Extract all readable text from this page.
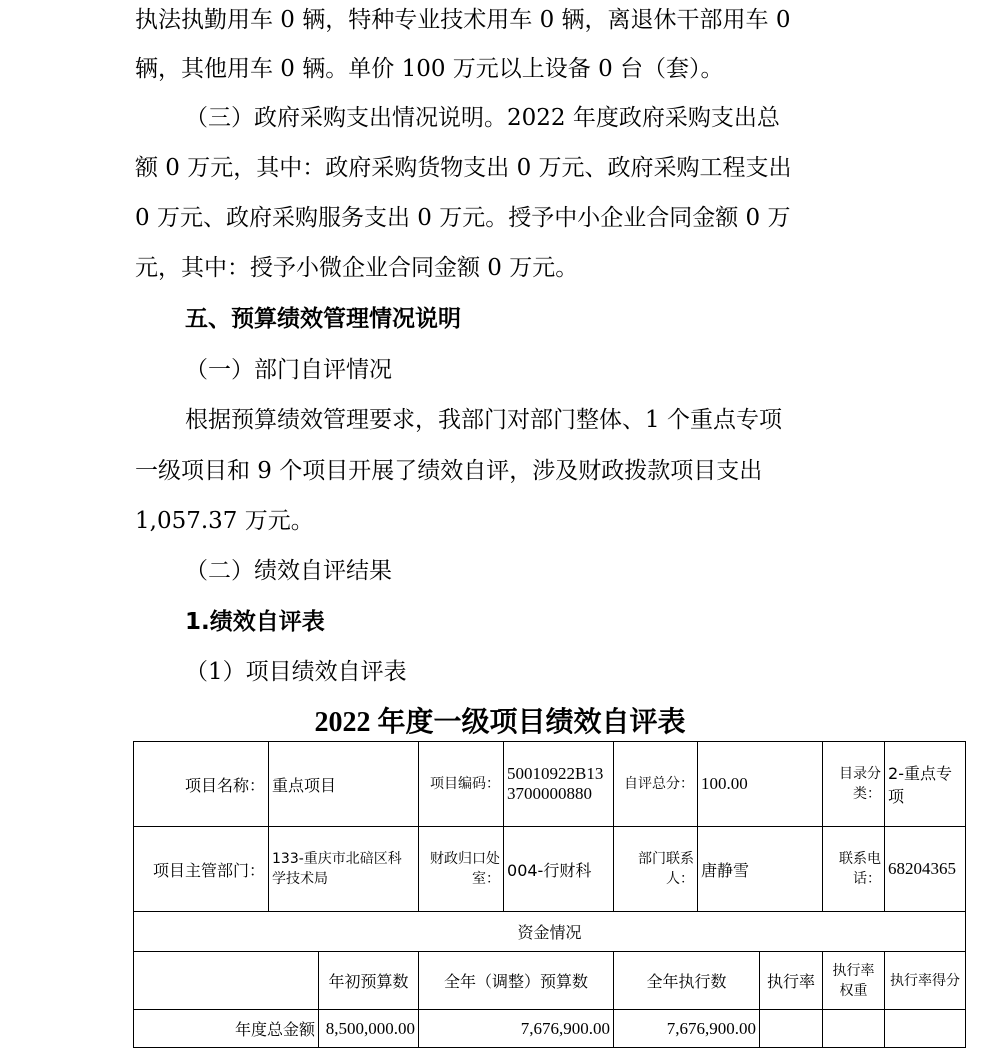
执法执勤用车 0 辆，特种专业技术用车 0 辆，离退休干部用车 0
辆，其他用车 0 辆。单价 100 万元以上设备 0 台（套）。
（三）政府采购支出情况说明。2022 年度政府采购支出总
额 0 万元，其中：政府采购货物支出 0 万元、政府采购工程支出
0 万元、政府采购服务支出 0 万元。授予中小企业合同金额 0 万
元，其中：授予小微企业合同金额 0 万元。
五、预算绩效管理情况说明
（一）部门自评情况
根据预算绩效管理要求，我部门对部门整体、1 个重点专项
一级项目和 9 个项目开展了绩效自评，涉及财政拨款项目支出
1,057.37 万元。
（二）绩效自评结果
1.绩效自评表
（1）项目绩效自评表
2022 年度一级项目绩效自评表
项目名称：	重点项目		项目编码：	50010922B133700000880	自评总分：	100.00		目录分类：	2-重点专项
项目主管部门：	133-重庆市北碚区科学技术局		财政归口处室：	004-行财科	部门联系人：	唐静雪		联系电话：	68204365
资金情况									
		年初预算数	全年（调整）预算数		全年执行数		执行率	执行率权重	执行率得分
年度总金额		8,500,000.00	7,676,900.00		7,676,900.00				
